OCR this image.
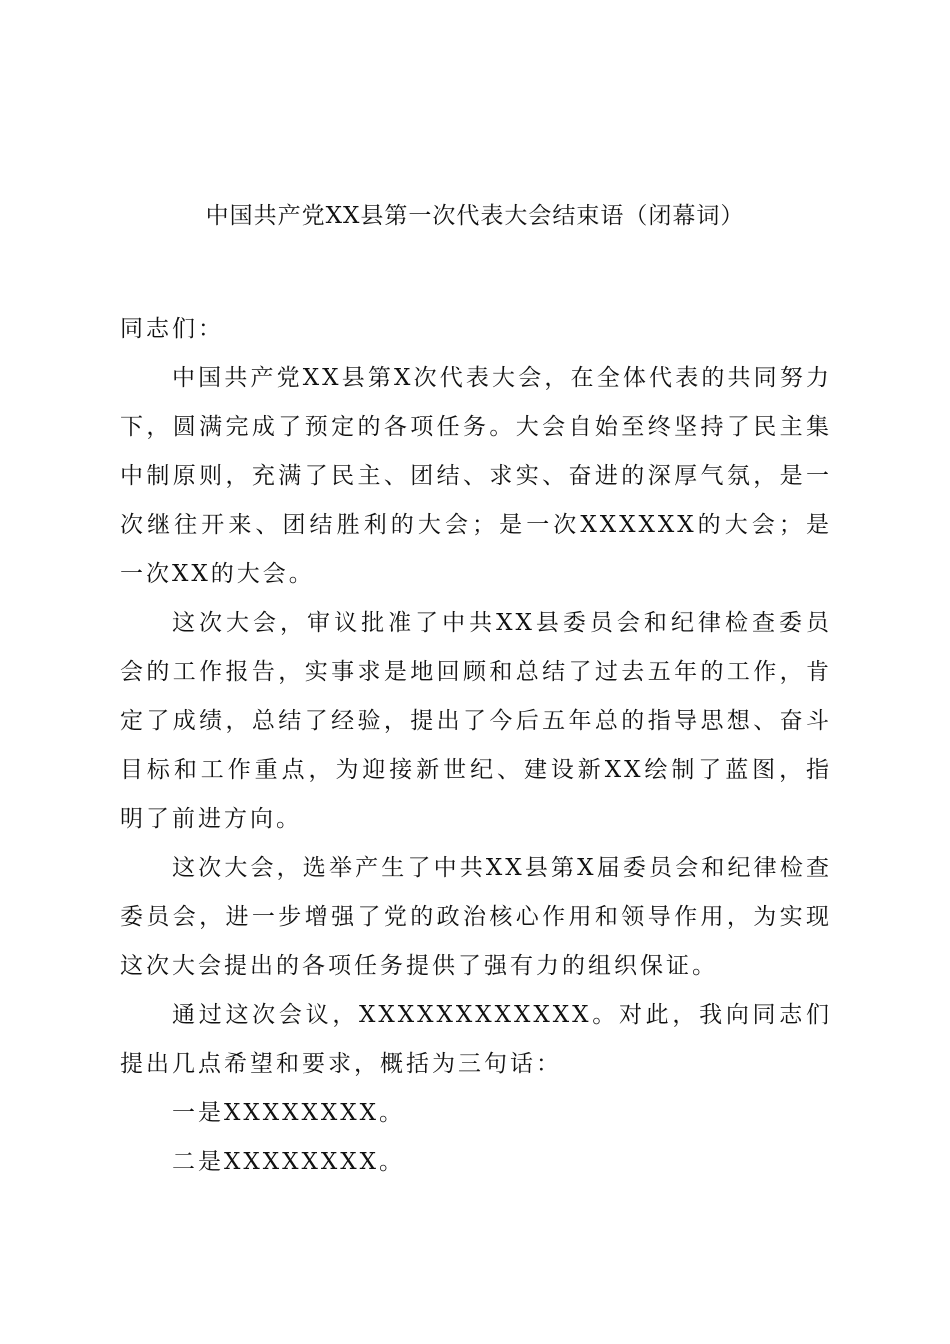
中国共产党XX县第一次代表大会结束语（闭幕词）

同志们：

中国共产党XX县第X次代表大会，在全体代表的共同努力下，圆满完成了预定的各项任务。大会自始至终坚持了民主集中制原则，充满了民主、团结、求实、奋进的深厚气氛，是一次继往开来、团结胜利的大会；是一次XXXXXX的大会；是一次XX的大会。

这次大会，审议批准了中共XX县委员会和纪律检查委员会的工作报告，实事求是地回顾和总结了过去五年的工作，肯定了成绩，总结了经验，提出了今后五年总的指导思想、奋斗目标和工作重点，为迎接新世纪、建设新XX绘制了蓝图，指明了前进方向。

这次大会，选举产生了中共XX县第X届委员会和纪律检查委员会，进一步增强了党的政治核心作用和领导作用，为实现这次大会提出的各项任务提供了强有力的组织保证。

通过这次会议，XXXXXXXXXXXX。对此，我向同志们提出几点希望和要求，概括为三句话：

一是XXXXXXXX。

二是XXXXXXXX。
